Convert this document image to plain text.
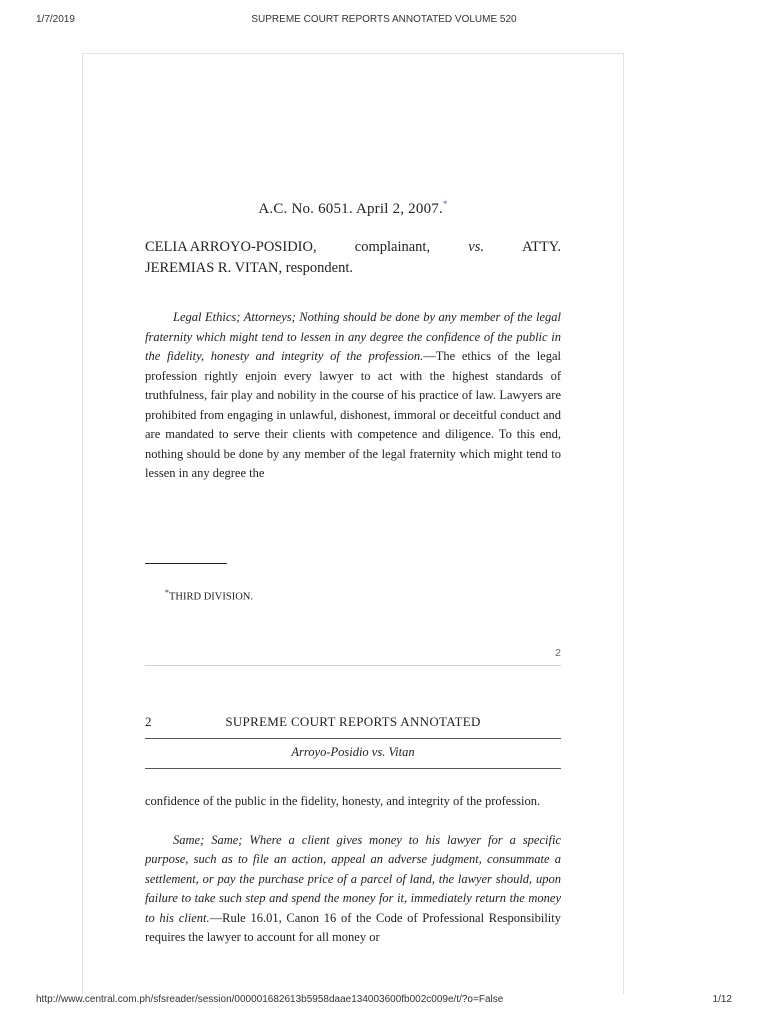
1/7/2019	SUPREME COURT REPORTS ANNOTATED VOLUME 520
A.C. No. 6051. April 2, 2007.*
CELIA ARROYO-POSIDIO,	complainant,	vs.	ATTY.
JEREMIAS R. VITAN, respondent.

Legal Ethics; Attorneys; Nothing should be done by any member of the legal fraternity which might tend to lessen in any degree the confidence of the public in the fidelity, honesty and integrity of the profession.—The ethics of the legal profession rightly enjoin every lawyer to act with the highest standards of truthfulness, fair play and nobility in the course of his practice of law. Lawyers are prohibited from engaging in unlawful, dishonest, immoral or deceitful conduct and are mandated to serve their clients with competence and diligence. To this end, nothing should be done by any member of the legal fraternity which might tend to lessen in any degree the

*THIRD DIVISION.
2
2	SUPREME COURT REPORTS ANNOTATED
Arroyo-Posidio vs. Vitan

confidence of the public in the fidelity, honesty, and integrity of the profession.

Same; Same; Where a client gives money to his lawyer for a specific purpose, such as to file an action, appeal an adverse judgment, consummate a settlement, or pay the purchase price of a parcel of land, the lawyer should, upon failure to take such step and spend the money for it, immediately return the money to his client.—Rule 16.01, Canon 16 of the Code of Professional Responsibility requires the lawyer to account for all money or

http://www.central.com.ph/sfsreader/session/000001682613b5958daae134003600fb002c009e/t/?o=False	1/12
